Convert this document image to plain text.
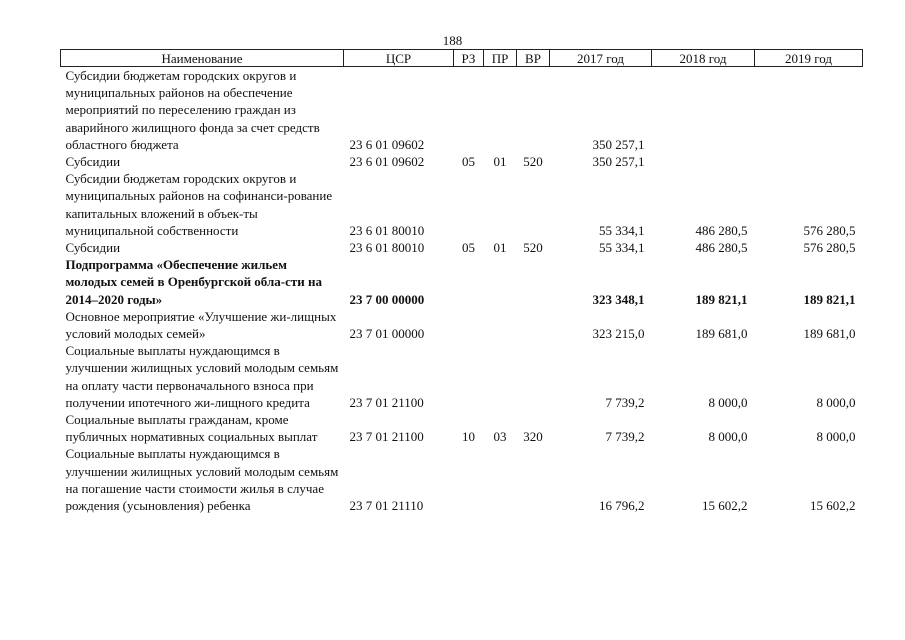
188
Наименование	ЦСР	РЗ	ПР	ВР	2017 год	2018 год	2019 год
Субсидии бюджетам городских округов и муниципальных районов на обеспечение мероприятий по переселению граждан из аварийного жилищного фонда за счет средств областного бюджета	23 6 01 09602				350 257,1		
Субсидии	23 6 01 09602	05	01	520	350 257,1		
Субсидии бюджетам городских округов и муниципальных районов на софинанси-рование капитальных вложений в объек-ты муниципальной собственности	23 6 01 80010				55 334,1	486 280,5	576 280,5
Субсидии	23 6 01 80010	05	01	520	55 334,1	486 280,5	576 280,5
Подпрограмма «Обеспечение жильем молодых семей в Оренбургской обла-сти на 2014–2020 годы»	23 7 00 00000				323 348,1	189 821,1	189 821,1
Основное мероприятие «Улучшение жи-лищных условий молодых семей»	23 7 01 00000				323 215,0	189 681,0	189 681,0
Социальные выплаты нуждающимся в улучшении жилищных условий молодым семьям на оплату части первоначального взноса при получении ипотечного жи-лищного кредита	23 7 01 21100				7 739,2	8 000,0	8 000,0
Социальные выплаты гражданам, кроме публичных нормативных социальных выплат	23 7 01 21100	10	03	320	7 739,2	8 000,0	8 000,0
Социальные выплаты нуждающимся в улучшении жилищных условий молодым семьям на погашение части стоимости жилья в случае рождения (усыновления) ребенка	23 7 01 21110				16 796,2	15 602,2	15 602,2
